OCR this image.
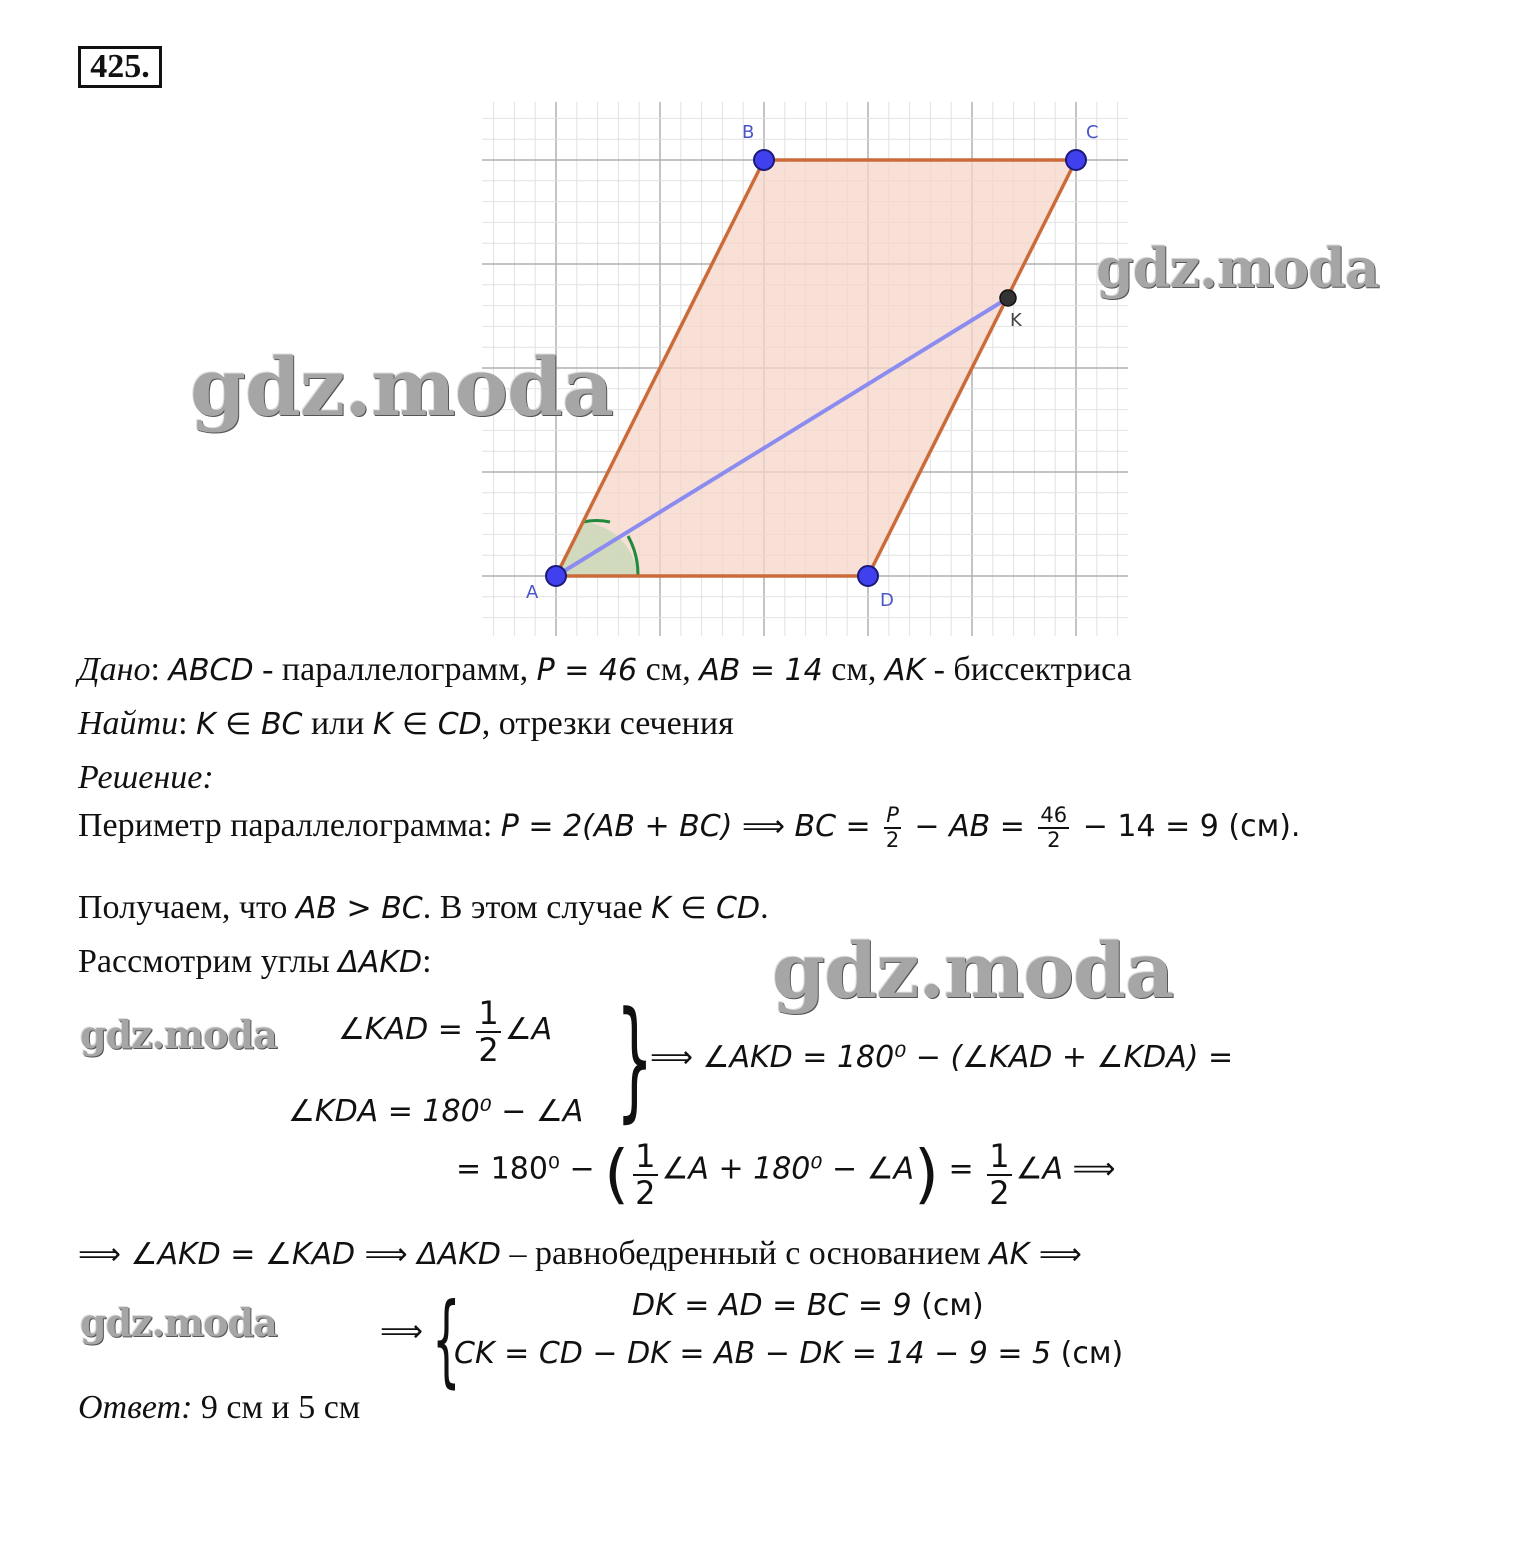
425.
A
B	C
D
K
gdz.moda
gdz.moda
gdz.moda
gdz.moda
gdz.moda
Дано: ABCD - параллелограмм, P = 46 см, AB = 14 см, AK - биссектриса
Найти: K ∈ BC или K ∈ CD, отрезки сечения
Решение:
Периметр параллелограмма: P = 2(AB + BC) ⟹ BC = $\frac{P}{2}$ − AB = $\frac{46}{2} - 14 = 9$ (см).
Получаем, что AB > BC. В этом случае K ∈ CD.
Рассмотрим углы ΔAKD:
∠KAD = $\frac{1}{2}$ ∠A
∠KDA = 180⁰ − ∠A }
⟹ ∠AKD = 180⁰ − (∠KAD + ∠KDA) =
= 180⁰ − ( $\frac{1}{2}$ ∠A + 180⁰ − ∠A) = $\frac{1}{2}$ ∠A ⟹
⟹ ∠AKD = ∠KAD ⟹ ΔAKD – равнобедренный с основанием AK ⟹
⟹ {	DK = AD = BC = 9 (см)
CK = CD − DK = AB − DK = 14 − 9 = 5 (см)
Ответ: 9 см и 5 см
